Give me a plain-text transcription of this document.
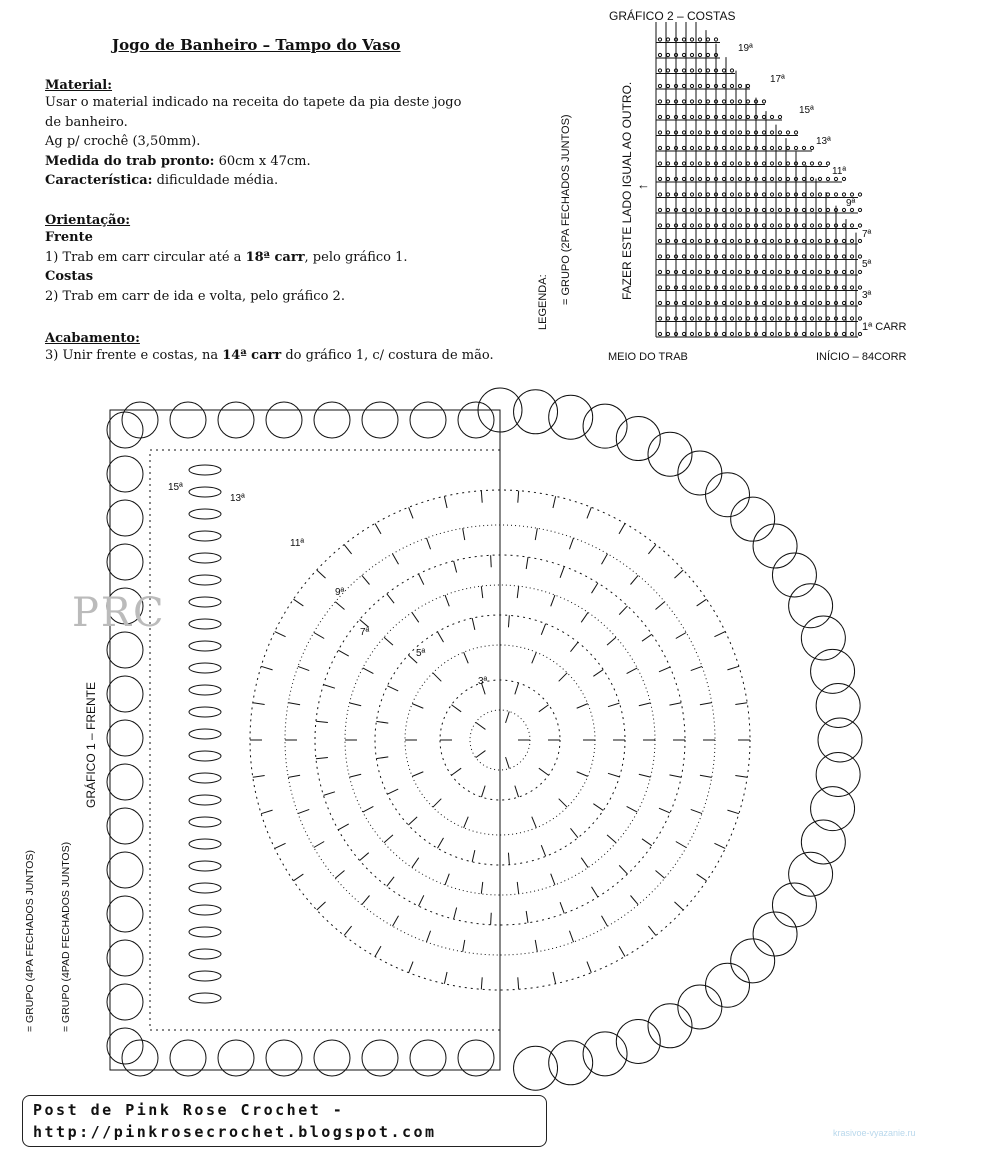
Jogo de Banheiro – Tampo do Vaso
Material:
Usar o material indicado na receita do tapete da pia deste jogo
de banheiro.
Ag p/ crochê (3,50mm).
Medida do trab pronto: 60cm x 47cm.
Característica: dificuldade média.
Orientação:
Frente
1) Trab em carr circular até a 18ª carr, pelo gráfico 1.
Costas
2) Trab em carr de ida e volta, pelo gráfico 2.
Acabamento:
3) Unir frente e costas, na 14ª carr do gráfico 1, c/ costura de mão.
GRÁFICO 2 – COSTAS
FAZER ESTE LADO IGUAL AO OUTRO. ←
LEGENDA: = GRUPO (2PA FECHADOS JUNTOS)
MEIO DO TRAB	INÍCIO – 84CORR
19ª
17ª
15ª
13ª
11ª
9ª
7ª
5ª
3ª
1ª CARR
GRÁFICO 1 – FRENTE
= GRUPO (4PA FECHADOS JUNTOS) = GRUPO (4PAD FECHADOS JUNTOS)
3ª
5ª
7ª
9ª
11ª
13ª
15ª
PRC
krasivoe-vyazanie.ru
Post de Pink Rose Crochet -
http://pinkrosecrochet.blogspot.com
